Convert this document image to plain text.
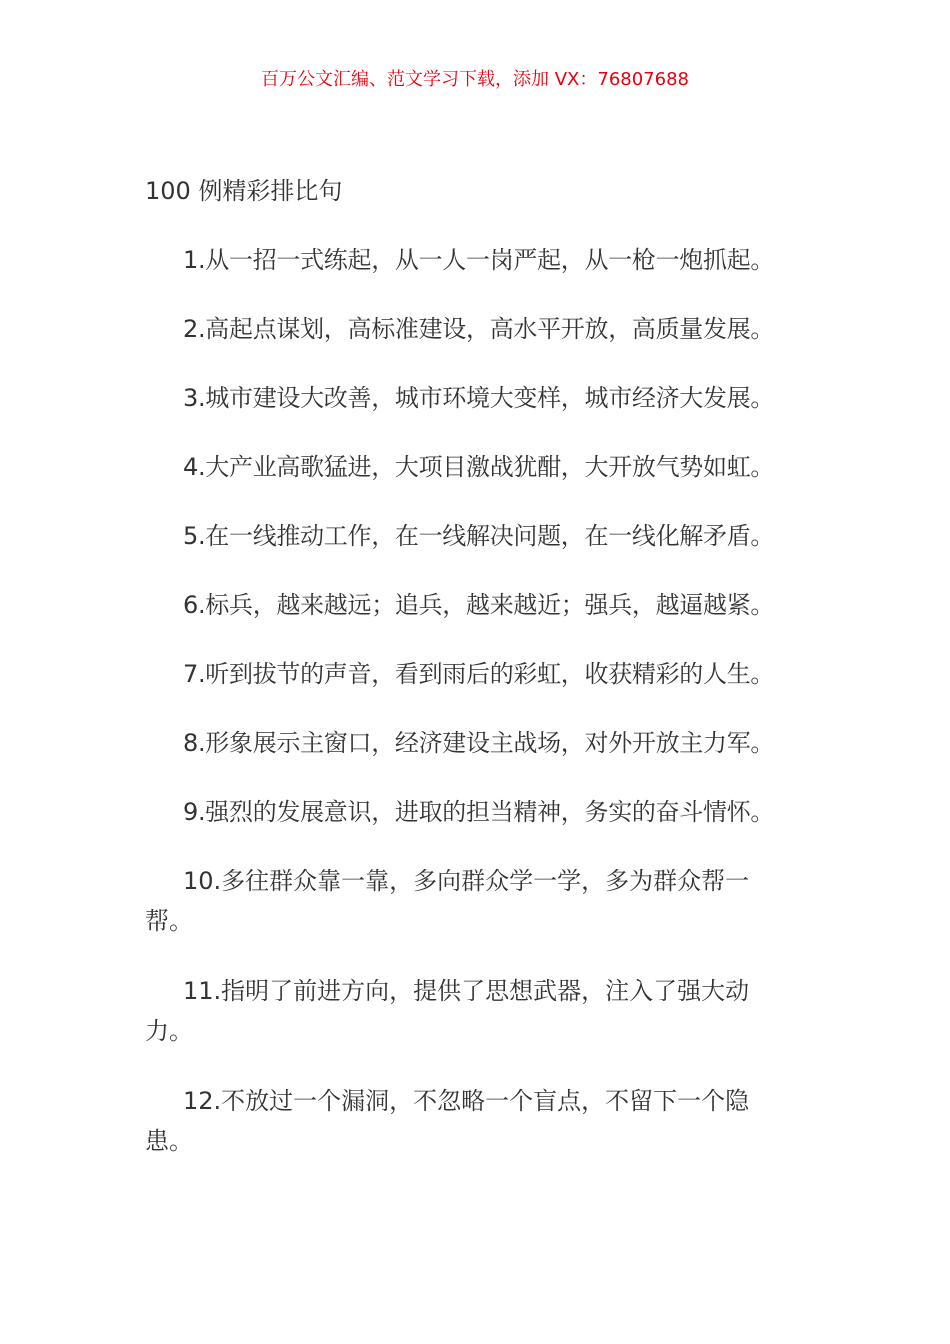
百万公文汇编、范文学习下载，添加 VX：76807688
100 例精彩排比句

1.从一招一式练起，从一人一岗严起，从一枪一炮抓起。

2.高起点谋划，高标准建设，高水平开放，高质量发展。

3.城市建设大改善，城市环境大变样，城市经济大发展。

4.大产业高歌猛进，大项目激战犹酣，大开放气势如虹。

5.在一线推动工作，在一线解决问题，在一线化解矛盾。

6.标兵，越来越远；追兵，越来越近；强兵，越逼越紧。

7.听到拔节的声音，看到雨后的彩虹，收获精彩的人生。

8.形象展示主窗口，经济建设主战场，对外开放主力军。

9.强烈的发展意识，进取的担当精神，务实的奋斗情怀。

10.多往群众靠一靠，多向群众学一学，多为群众帮一
帮。

11.指明了前进方向，提供了思想武器，注入了强大动
力。

12.不放过一个漏洞，不忽略一个盲点，不留下一个隐
患。
